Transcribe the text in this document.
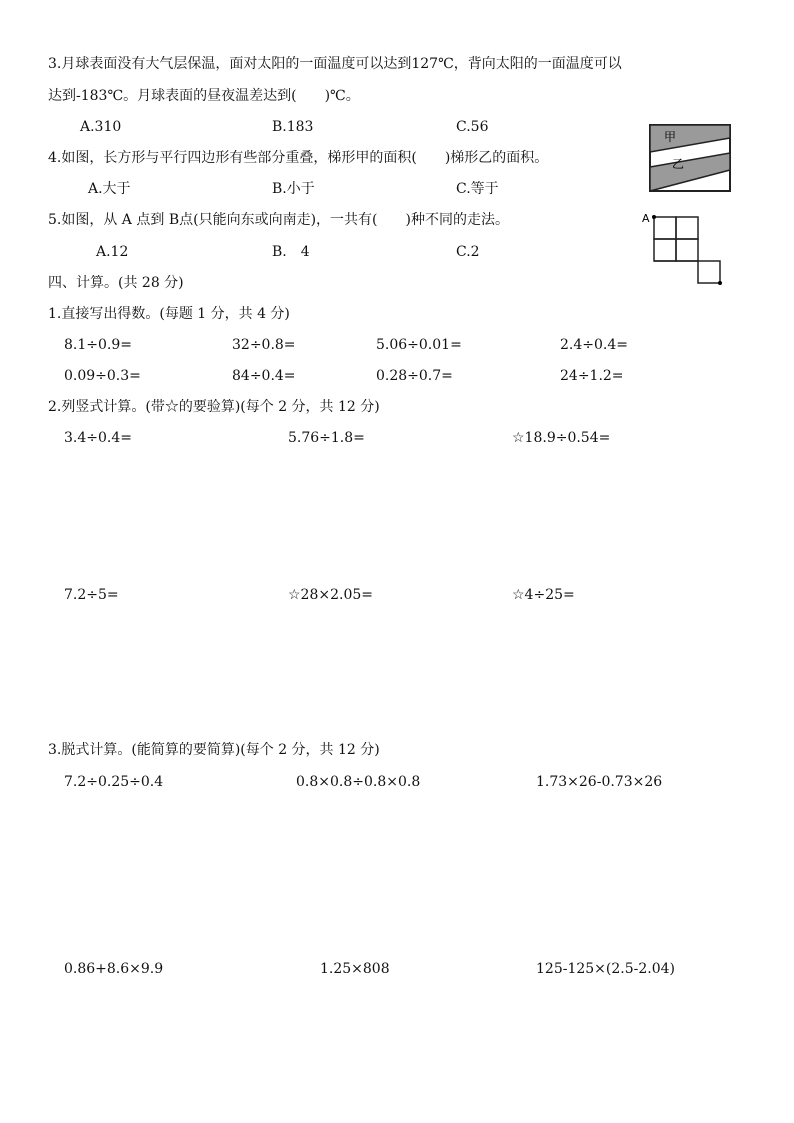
3.月球表面没有大气层保温，面对太阳的一面温度可以达到127℃，背向太阳的一面温度可以
达到-183℃。月球表面的昼夜温差达到(　　)℃。
A.310	B.183	C.56
4.如图，长方形与平行四边形有些部分重叠，梯形甲的面积(　　)梯形乙的面积。
A.大于	B.小于	C.等于
甲
乙
5.如图，从 A 点到 B点(只能向东或向南走)，一共有(　　)种不同的走法。
A.12	B.　4	C.2
A
四、计算。(共 28 分)
1.直接写出得数。(每题 1 分，共 4 分)
8.1÷0.9=	32÷0.8=	5.06÷0.01=	2.4÷0.4=
0.09÷0.3=	84÷0.4=	0.28÷0.7=	24÷1.2=
2.列竖式计算。(带☆的要验算)(每个 2 分，共 12 分)
3.4÷0.4=	5.76÷1.8=	☆18.9÷0.54=
7.2÷5=	☆28×2.05=	☆4÷25=
3.脱式计算。(能简算的要简算)(每个 2 分，共 12 分)
7.2÷0.25÷0.4	0.8×0.8÷0.8×0.8	1.73×26-0.73×26
0.86+8.6×9.9	1.25×808	125-125×(2.5-2.04)
